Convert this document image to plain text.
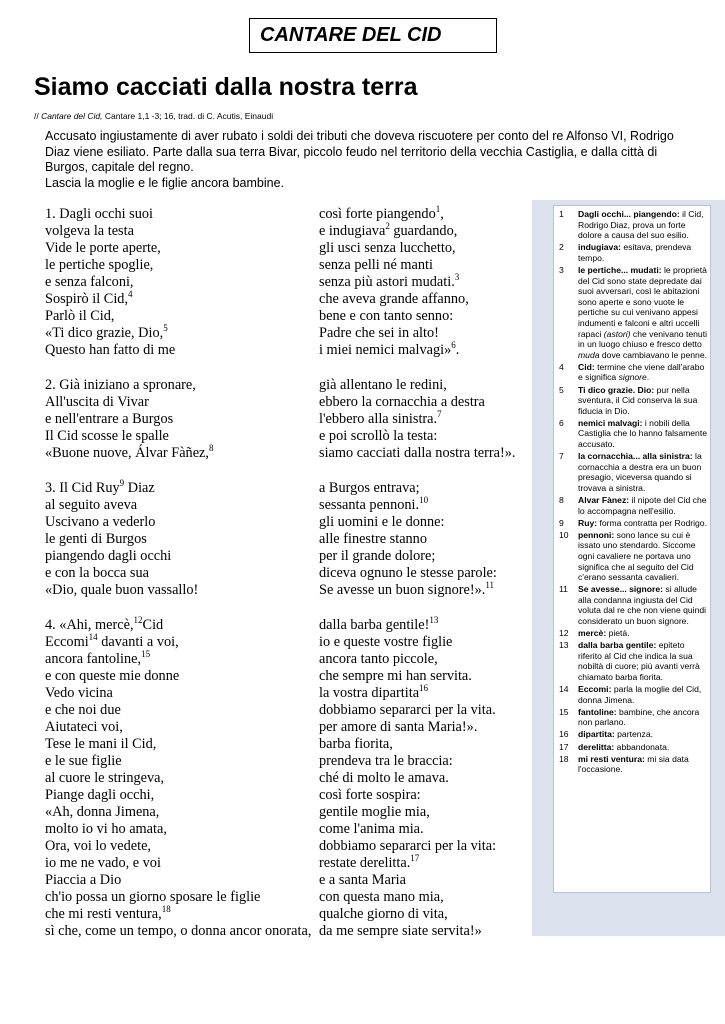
CANTARE DEL CID
Siamo cacciati dalla nostra terra
// Cantare del Cid, Cantare 1,1 -3; 16, trad. di C. Acutis, Einaudi

Accusato ingiustamente di aver rubato i soldi dei tributi che doveva riscuotere per conto del re Alfonso VI, Rodrigo Diaz viene esiliato. Parte dalla sua terra Bivar, piccolo feudo nel territorio della vecchia Castiglia, e dalla città di Burgos, capitale del regno.

Lascia la moglie e le figlie ancora bambine.

1. Dagli occhi suoi
volgeva la testa
Vide le porte aperte,
le pertiche spoglie,
e senza falconi,
Sospirò il Cid,$^4$
Parlò il Cid,
«Ti dico grazie, Dio,$^5$
Questo han fatto di me
2. Già iniziano a spronare,
All'uscita di Vivar
e nell'entrare a Burgos
Il Cid scosse le spalle
«Buone nuove, Álvar Fàñez,$^8$
3. Il Cid Ruy$^9$ Diaz
al seguito aveva
Uscivano a vederlo
le genti di Burgos
piangendo dagli occhi
e con la bocca sua
«Dio, quale buon vassallo!
4. «Ahi, mercè,$^{12}$Cid
Eccomi$^{14}$ davanti a voi,
ancora fantoline,$^{15}$
e con queste mie donne
Vedo vicina
e che noi due
Aiutateci voi,
Tese le mani il Cid,
e le sue figlie
al cuore le stringeva,
Piange dagli occhi,
«Ah, donna Jimena,
molto io vi ho amata,
Ora, voi lo vedete,
io me ne vado, e voi
Piaccia a Dio
ch'io possa un giorno sposare le figlie
che mi resti ventura,$^{18}$
sì che, come un tempo, o donna ancor onorata,
così forte piangendo$^1$,
e indugiava$^2$ guardando,
gli usci senza lucchetto,
senza pelli né manti
senza più astori mudati.$^3$
che aveva grande affanno,
bene e con tanto senno:
Padre che sei in alto!
i miei nemici malvagi»$^6$.
già allentano le redini,
ebbero la cornacchia a destra
l'ebbero alla sinistra.$^7$
e poi scrollò la testa:
siamo cacciati dalla nostra terra!».
a Burgos entrava;
sessanta pennoni.$^{10}$
gli uomini e le donne:
alle finestre stanno
per il grande dolore;
diceva ognuno le stesse parole:
Se avesse un buon signore!».$^{11}$
dalla barba gentile!$^{13}$
io e queste vostre figlie
ancora tanto piccole,
che sempre mi han servita.
la vostra dipartita$^{16}$
dobbiamo separarci per la vita.
per amore di santa Maria!».
barba fiorita,
prendeva tra le braccia:
ché di molto le amava.
così forte sospira:
gentile moglie mia,
come l'anima mia.
dobbiamo separarci per la vita:
restate derelitta.$^{17}$
e a santa Maria
con questa mano mia,
qualche giorno di vita,
da me sempre siate servita!»
1	Dagli occhi... piangendo: il Cid, Rodrigo Diaz, prova un forte dolore a causa del suo esilio.
2	indugiava: esitava, prendeva tempo.
3	le pertiche... mudati: le proprietà del Cid sono state depredate dai suoi avversari, così le abitazioni sono aperte e sono vuote le pertiche su cui venivano appesi indumenti e falconi e altri uccelli rapaci (astori) che venivano tenuti in un luogo chiuso e fresco detto muda dove cambiavano le penne.
4	Cid: termine che viene dall'arabo e significa signore.
5	Ti dico grazie. Dio: pur nella sventura, il Cid conserva la sua fiducia in Dio.
6	nemici malvagi: i nobili della Castiglia che lo hanno falsamente accusato.
7	la cornacchia... alla sinistra: la cornacchia a destra era un buon presagio, viceversa quando si trovava a sinistra.
8	Alvar Fànez: il nipote del Cid che lo accompagna nell'esilio.
9	Ruy: forma contratta per Rodrigo.
10	pennoni: sono lance su cui è issato uno stendardo. Siccome ogni cavaliere ne portava uno significa che al seguito del Cid c'erano sessanta cavalieri.
11	Se avesse... signore: si allude alla condanna ingiusta del Cid voluta dal re che non viene quindi considerato un buon signore.
12	mercè: pietà.
13	dalla barba gentile: epiteto riferito al Cid che indica la sua nobiltà di cuore; più avanti verrà chiamato barba fiorita.
14	Eccomi: parla la moglie del Cid, donna Jimena.
15	fantoline: bambine, che ancora non parlano.
16	dipartita: partenza.
17	derelitta: abbandonata.
18	mi resti ventura: mi sia data l'occasione.
